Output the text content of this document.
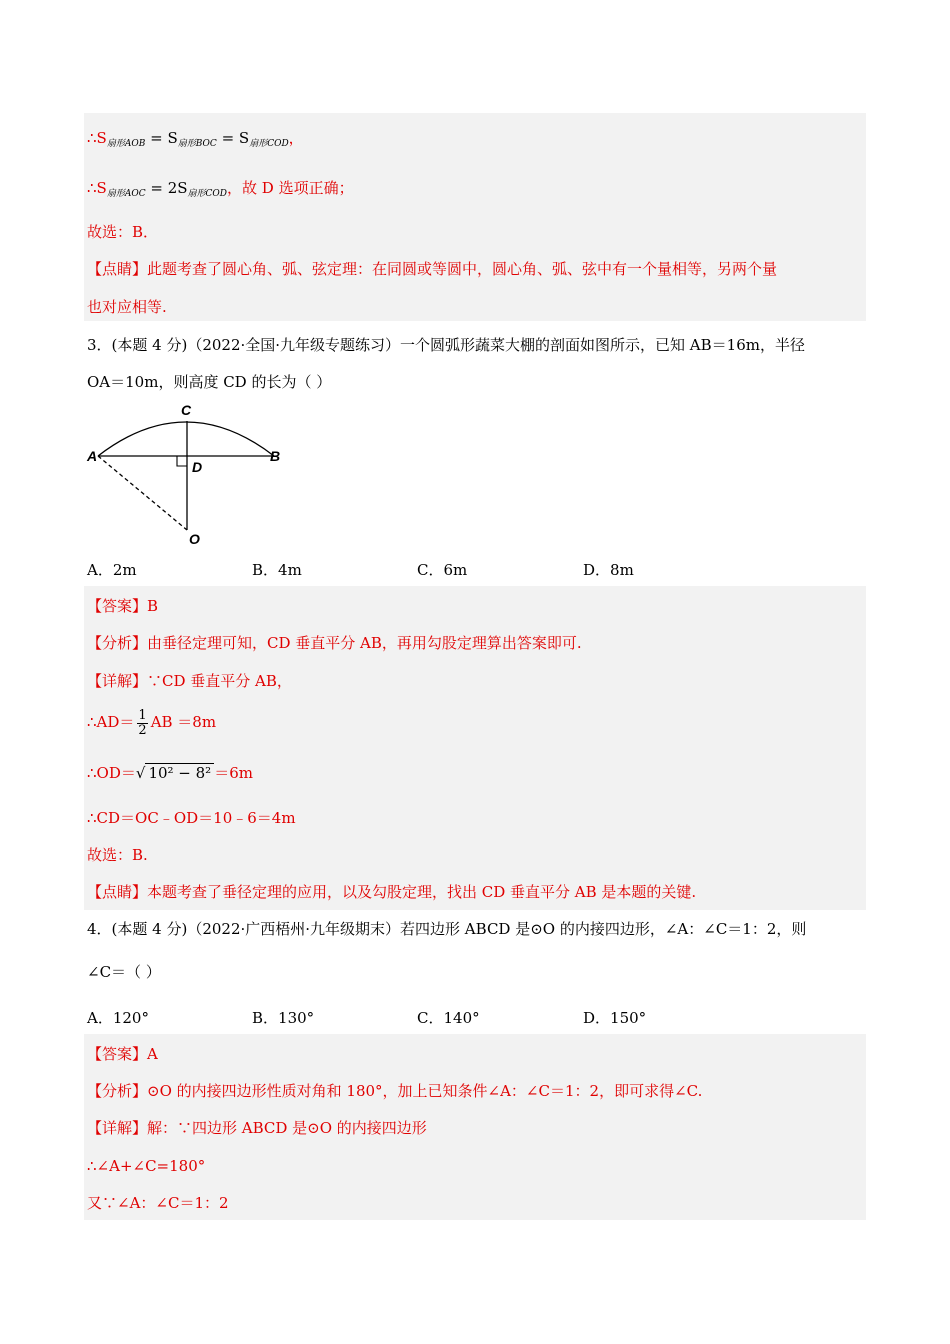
$\therefore S_{扇形AOB} = S_{扇形BOC} = S_{扇形COD}$，
$\therefore S_{扇形AOC} = 2S_{扇形COD}$，故 D 选项正确；
故选：B．
【点睛】此题考查了圆心角、弧、弦定理：在同圆或等圆中，圆心角、弧、弦中有一个量相等，另两个量
也对应相等.
3．(本题 4 分)（2022·全国·九年级专题练习）一个圆弧形蔬菜大棚的剖面如图所示，已知 AB＝16m，半径
OA＝10m，则高度 CD 的长为（ ）
A	B
C
D
O
A．2m	B．4m	C．6m	D．8m
【答案】B
【分析】由垂径定理可知，CD 垂直平分 AB，再用勾股定理算出答案即可.
【详解】∵CD 垂直平分 AB，
∴AD＝ $\frac{1}{2}$ AB ＝8m
∴OD＝√ 10² − 8² ＝6m
∴CD＝OC﹣OD＝10﹣6＝4m
故选：B.
【点睛】本题考查了垂径定理的应用，以及勾股定理，找出 CD 垂直平分 AB 是本题的关键.
4．(本题 4 分)（2022·广西梧州·九年级期末）若四边形 ABCD 是⊙O 的内接四边形，∠A：∠C＝1：2，则
∠C＝（ ）
A．120°	B．130°	C．140°	D．150°
【答案】A
【分析】⊙O 的内接四边形性质对角和 180°，加上已知条件∠A：∠C＝1：2，即可求得∠C.
【详解】解：∵四边形 ABCD 是⊙O 的内接四边形
∴∠A+∠C=180°
又∵∠A：∠C＝1：2
